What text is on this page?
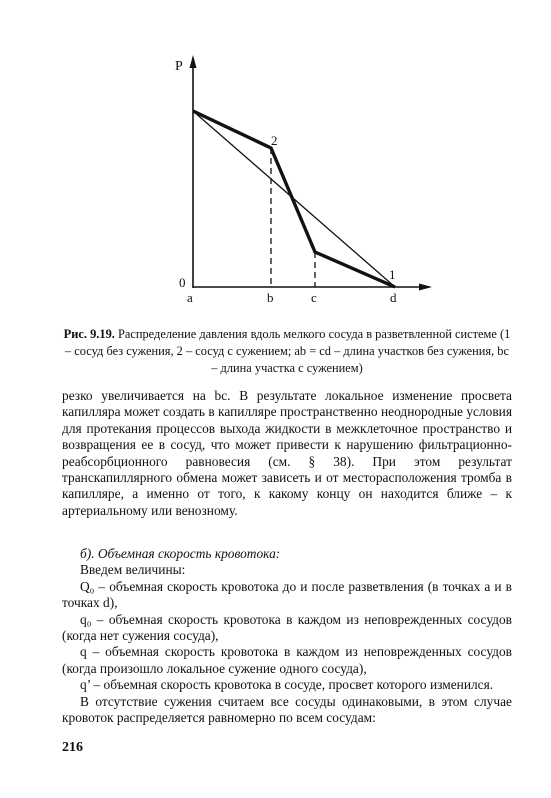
P
0
a	b	c	d
1
2
Рис. 9.19. Распределение давления вдоль мелкого сосуда в разветвленной системе (1 – сосуд без сужения, 2 – сосуд с сужением; ab = cd – длина участков без сужения, bc – длина участка с сужением)

резко увеличивается на bc. В результате локальное изменение просвета капилляра может создать в капилляре пространственно неоднородные условия для протекания процессов выхода жидкости в межклеточное пространство и возвращения ее в сосуд, что может привести к нарушению фильтрационно-реабсорбционного равновесия (см. § 38). При этом результат транскапиллярного обмена может зависеть и от месторасположения тромба в капилляре, а именно от того, к какому концу он находится ближе – к артериальному или венозному.

б). Объемная скорость кровотока:

Введем величины:

Q₀ – объемная скорость кровотока до и после разветвления (в точках a и в точках d),

q₀ – объемная скорость кровотока в каждом из неповрежденных сосудов (когда нет сужения сосуда),

q – объемная скорость кровотока в каждом из неповрежденных сосудов (когда произошло локальное сужение одного сосуда),

q’ – объемная скорость кровотока в сосуде, просвет которого изменился.

В отсутствие сужения считаем все сосуды одинаковыми, в этом случае кровоток распределяется равномерно по всем сосудам:

216
